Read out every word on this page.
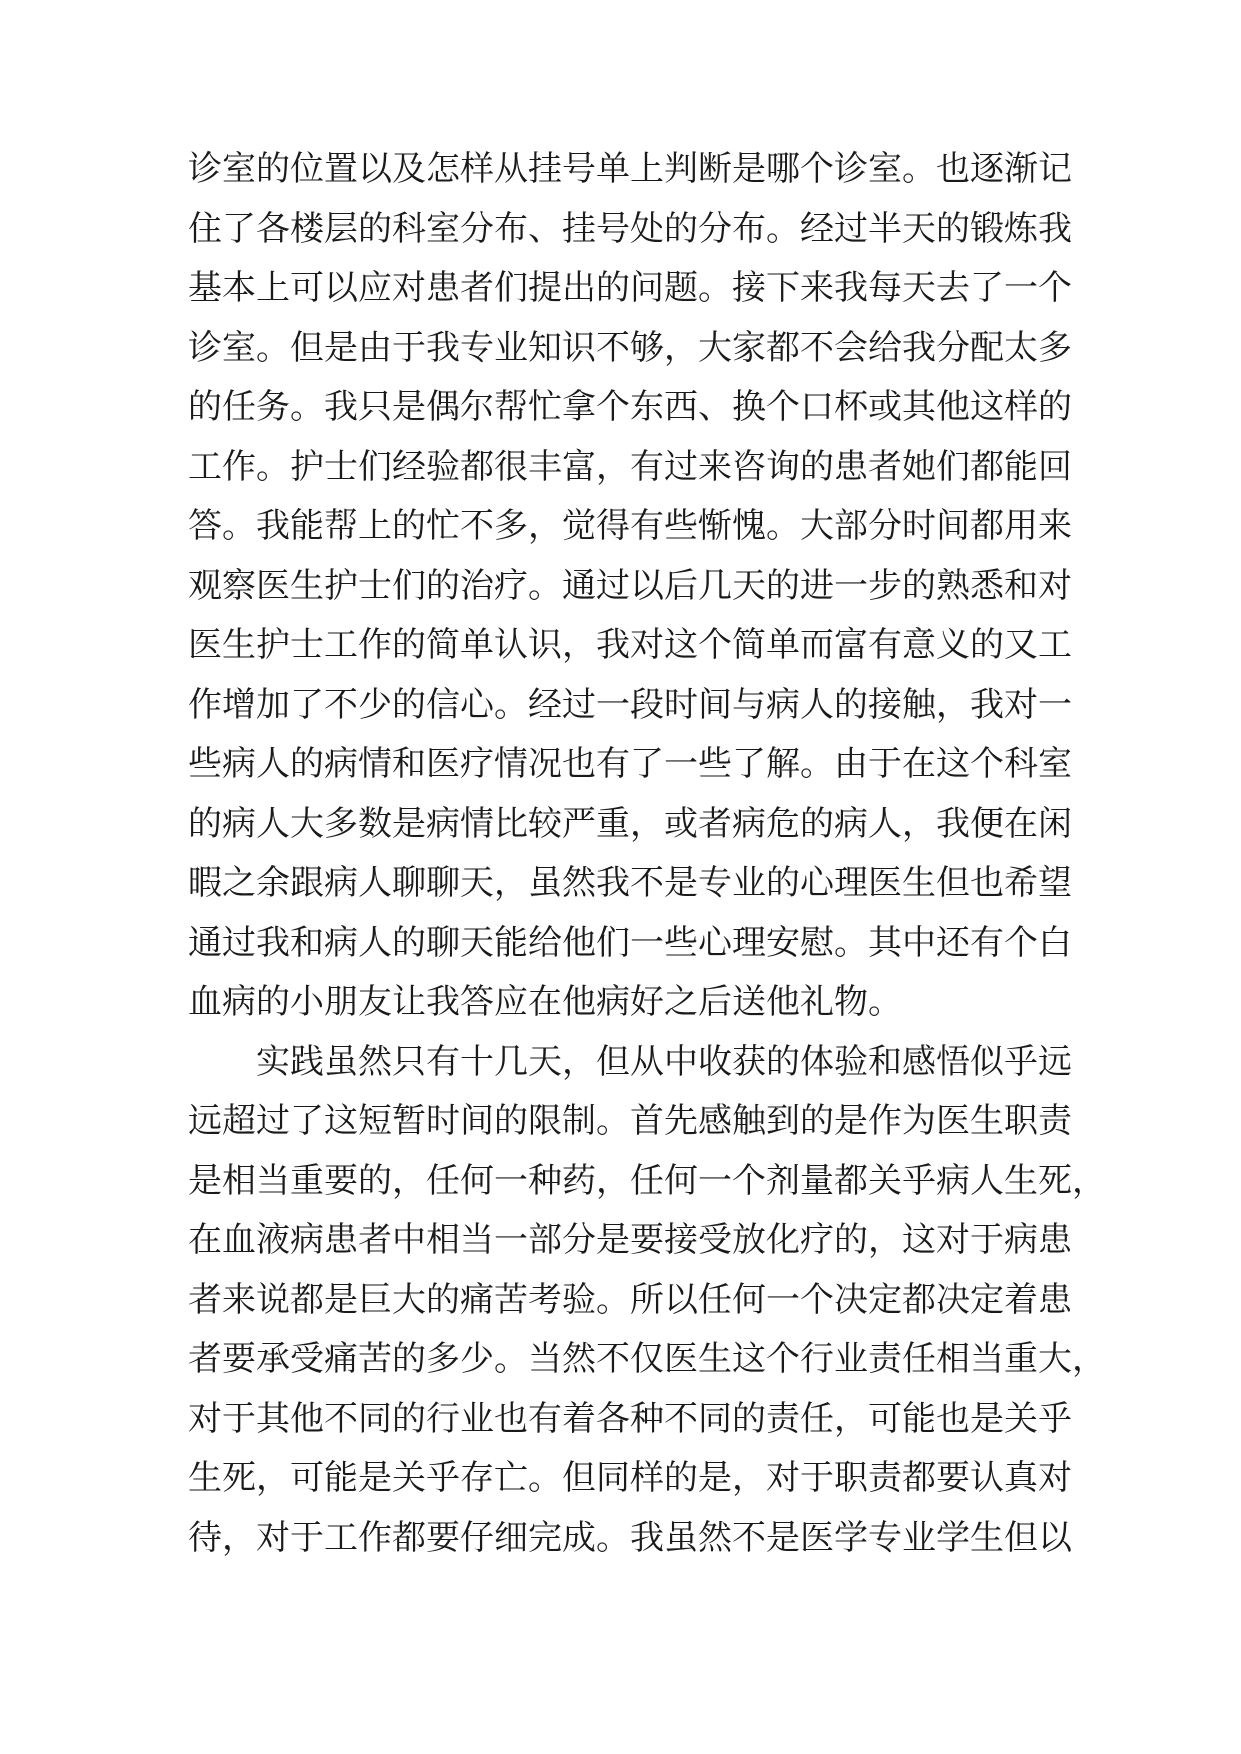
诊室的位置以及怎样从挂号单上判断是哪个诊室。也逐渐记
住了各楼层的科室分布、挂号处的分布。经过半天的锻炼我
基本上可以应对患者们提出的问题。接下来我每天去了一个
诊室。但是由于我专业知识不够，大家都不会给我分配太多
的任务。我只是偶尔帮忙拿个东西、换个口杯或其他这样的
工作。护士们经验都很丰富，有过来咨询的患者她们都能回
答。我能帮上的忙不多，觉得有些惭愧。大部分时间都用来
观察医生护士们的治疗。通过以后几天的进一步的熟悉和对
医生护士工作的简单认识，我对这个简单而富有意义的又工
作增加了不少的信心。经过一段时间与病人的接触，我对一
些病人的病情和医疗情况也有了一些了解。由于在这个科室
的病人大多数是病情比较严重，或者病危的病人，我便在闲
暇之余跟病人聊聊天，虽然我不是专业的心理医生但也希望
通过我和病人的聊天能给他们一些心理安慰。其中还有个白
血病的小朋友让我答应在他病好之后送他礼物。
实践虽然只有十几天，但从中收获的体验和感悟似乎远
远超过了这短暂时间的限制。首先感触到的是作为医生职责
是相当重要的，任何一种药，任何一个剂量都关乎病人生死，
在血液病患者中相当一部分是要接受放化疗的，这对于病患
者来说都是巨大的痛苦考验。所以任何一个决定都决定着患
者要承受痛苦的多少。当然不仅医生这个行业责任相当重大，
对于其他不同的行业也有着各种不同的责任，可能也是关乎
生死，可能是关乎存亡。但同样的是，对于职责都要认真对
待，对于工作都要仔细完成。我虽然不是医学专业学生但以
